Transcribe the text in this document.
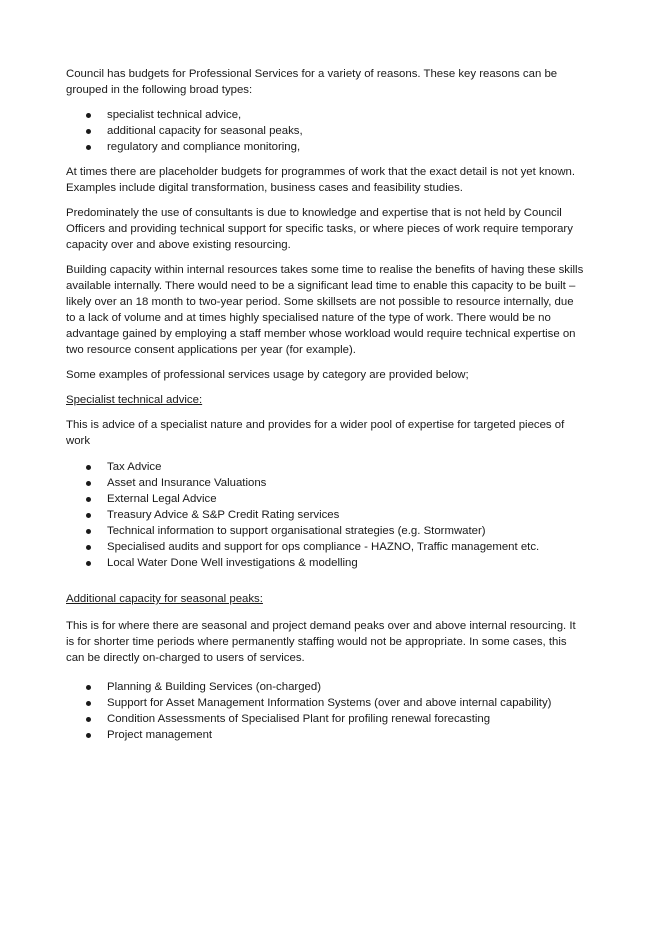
Council has budgets for Professional Services for a variety of reasons. These key reasons can be grouped in the following broad types:

specialist technical advice,
additional capacity for seasonal peaks,
regulatory and compliance monitoring,

At times there are placeholder budgets for programmes of work that the exact detail is not yet known. Examples include digital transformation, business cases and feasibility studies.

Predominately the use of consultants is due to knowledge and expertise that is not held by Council Officers and providing technical support for specific tasks, or where pieces of work require temporary capacity over and above existing resourcing.

Building capacity within internal resources takes some time to realise the benefits of having these skills available internally. There would need to be a significant lead time to enable this capacity to be built – likely over an 18 month to two-year period. Some skillsets are not possible to resource internally, due to a lack of volume and at times highly specialised nature of the type of work. There would be no advantage gained by employing a staff member whose workload would require technical expertise on two resource consent applications per year (for example).

Some examples of professional services usage by category are provided below;

Specialist technical advice:

This is advice of a specialist nature and provides for a wider pool of expertise for targeted pieces of work

Tax Advice
Asset and Insurance Valuations
External Legal Advice
Treasury Advice & S&P Credit Rating services
Technical information to support organisational strategies (e.g. Stormwater)
Specialised audits and support for ops compliance - HAZNO, Traffic management etc.
Local Water Done Well investigations & modelling

Additional capacity for seasonal peaks:

This is for where there are seasonal and project demand peaks over and above internal resourcing. It is for shorter time periods where permanently staffing would not be appropriate. In some cases, this can be directly on-charged to users of services.

Planning & Building Services (on-charged)
Support for Asset Management Information Systems (over and above internal capability)
Condition Assessments of Specialised Plant for profiling renewal forecasting
Project management
